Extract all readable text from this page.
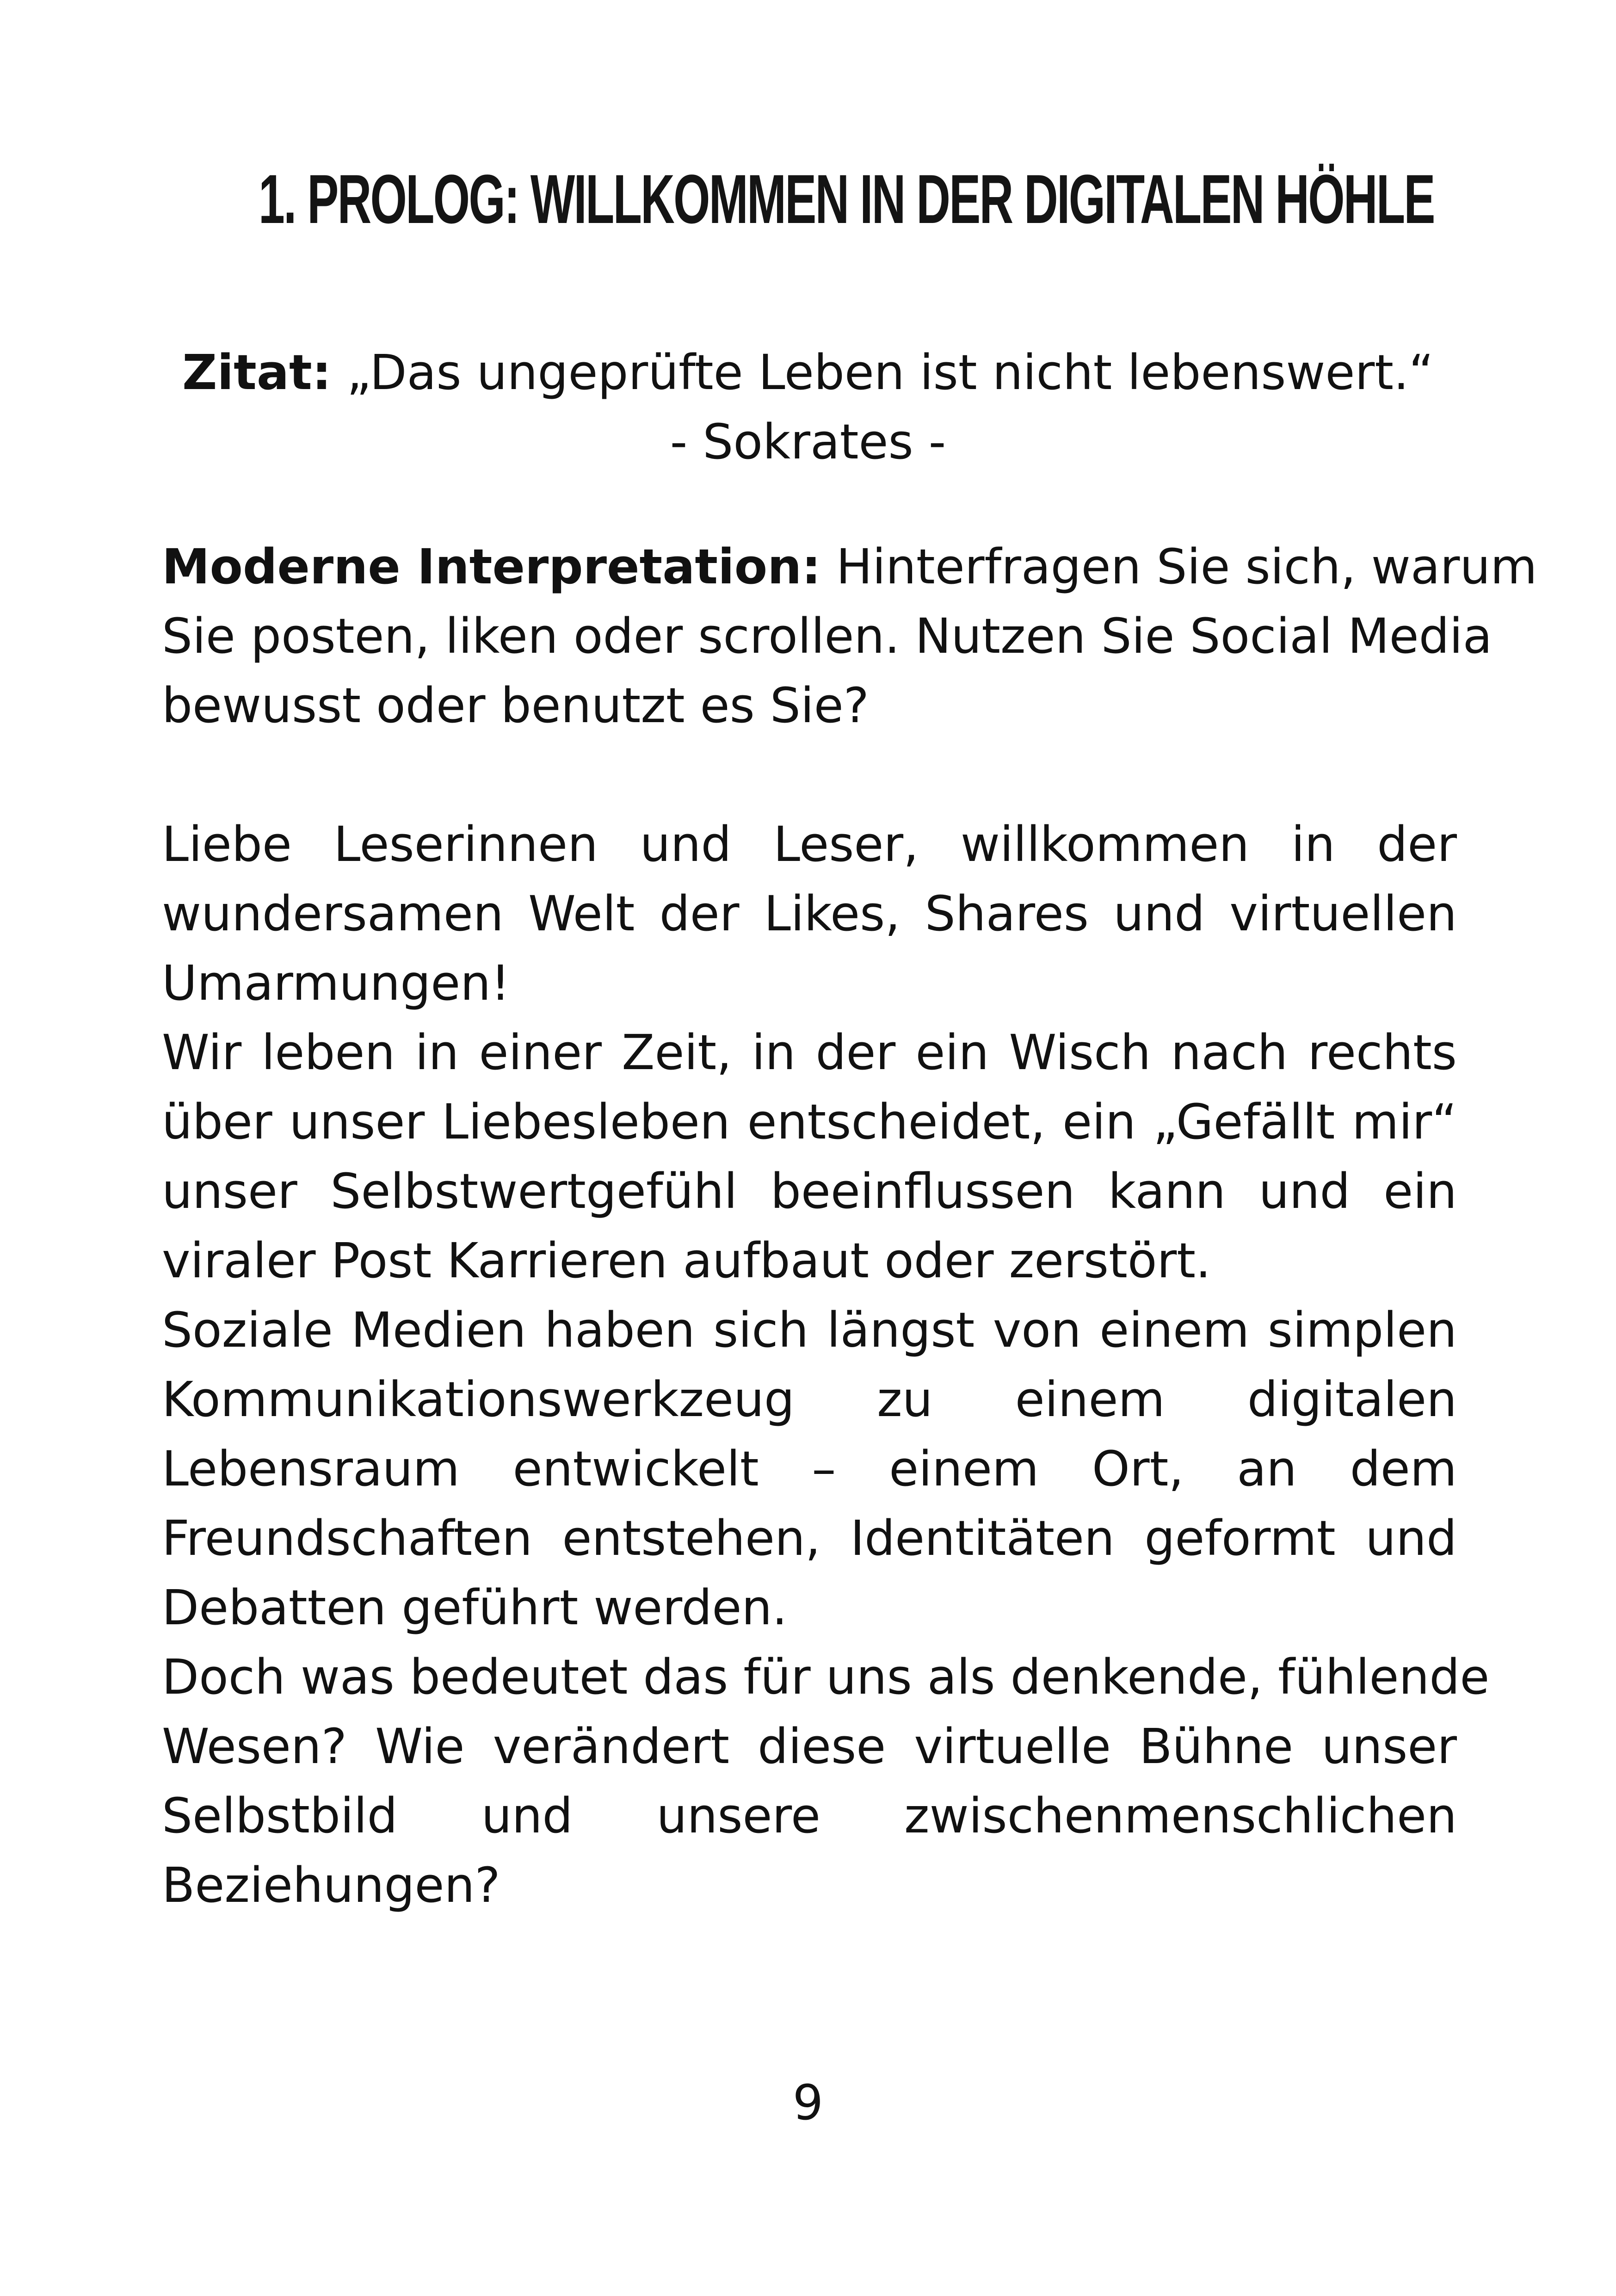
1. PROLOG: WILLKOMMEN IN DER DIGITALEN HÖHLE
Zitat: „Das ungeprüfte Leben ist nicht lebenswert.“
- Sokrates -
Moderne Interpretation: Hinterfragen Sie sich, warum
Sie posten, liken oder scrollen. Nutzen Sie Social Media
bewusst oder benutzt es Sie?
Liebe Leserinnen und Leser, willkommen in der
wundersamen Welt der Likes, Shares und virtuellen
Umarmungen!
Wir leben in einer Zeit, in der ein Wisch nach rechts
über unser Liebesleben entscheidet, ein „Gefällt mir“
unser Selbstwertgefühl beeinflussen kann und ein
viraler Post Karrieren aufbaut oder zerstört.
Soziale Medien haben sich längst von einem simplen
Kommunikationswerkzeug zu einem digitalen
Lebensraum entwickelt – einem Ort, an dem
Freundschaften entstehen, Identitäten geformt und
Debatten geführt werden.
Doch was bedeutet das für uns als denkende, fühlende
Wesen? Wie verändert diese virtuelle Bühne unser
Selbstbild und unsere zwischenmenschlichen
Beziehungen?
9
